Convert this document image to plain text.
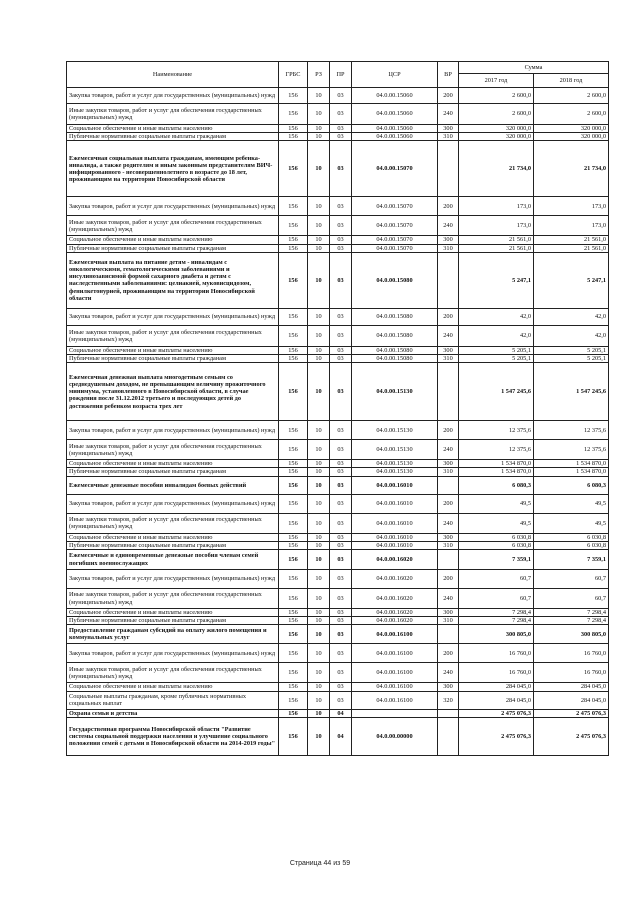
Наименование	ГРБС	РЗ	ПР	ЦСР	ВР	Сумма	
						2017 год	2018 год
Закупка товаров, работ и услуг для государственных (муниципальных) нужд	156	10	03	04.0.00.15060	200	2 600,0	2 600,0
Иные закупки товаров, работ и услуг для обеспечения государственных (муниципальных) нужд	156	10	03	04.0.00.15060	240	2 600,0	2 600,0
Социальное обеспечение и иные выплаты населению	156	10	03	04.0.00.15060	300	320 000,0	320 000,0
Публичные нормативные социальные выплаты гражданам	156	10	03	04.0.00.15060	310	320 000,0	320 000,0
Ежемесячная социальная выплата гражданам, имеющим ребенка-инвалида, а также родителям и иным законным представителям ВИЧ-инфицированного - несовершеннолетнего в возрасте до 18 лет, проживающим на территории Новосибирской области	156	10	03	04.0.00.15070		21 734,0	21 734,0
Закупка товаров, работ и услуг для государственных (муниципальных) нужд	156	10	03	04.0.00.15070	200	173,0	173,0
Иные закупки товаров, работ и услуг для обеспечения государственных (муниципальных) нужд	156	10	03	04.0.00.15070	240	173,0	173,0
Социальное обеспечение и иные выплаты населению	156	10	03	04.0.00.15070	300	21 561,0	21 561,0
Публичные нормативные социальные выплаты гражданам	156	10	03	04.0.00.15070	310	21 561,0	21 561,0
Ежемесячная выплата на питание детям - инвалидам с онкологическими, гематологическими заболеваниями и инсулинозависимой формой сахарного диабета и детям с наследственными заболеваниями: целиакией, муковисцидозом, фенилкетонурией, проживающим на территории Новосибирской области	156	10	03	04.0.00.15080		5 247,1	5 247,1
Закупка товаров, работ и услуг для государственных (муниципальных) нужд	156	10	03	04.0.00.15080	200	42,0	42,0
Иные закупки товаров, работ и услуг для обеспечения государственных (муниципальных) нужд	156	10	03	04.0.00.15080	240	42,0	42,0
Социальное обеспечение и иные выплаты населению	156	10	03	04.0.00.15080	300	5 205,1	5 205,1
Публичные нормативные социальные выплаты гражданам	156	10	03	04.0.00.15080	310	5 205,1	5 205,1
Ежемесячная денежная выплата многодетным семьям со среднедушевым доходом, не превышающим величину прожиточного минимума, установленного в Новосибирской области, в случае рождения после 31.12.2012 третьего и последующих детей до достижения ребенком возраста трех лет	156	10	03	04.0.00.15130		1 547 245,6	1 547 245,6
Закупка товаров, работ и услуг для государственных (муниципальных) нужд	156	10	03	04.0.00.15130	200	12 375,6	12 375,6
Иные закупки товаров, работ и услуг для обеспечения государственных (муниципальных) нужд	156	10	03	04.0.00.15130	240	12 375,6	12 375,6
Социальное обеспечение и иные выплаты населению	156	10	03	04.0.00.15130	300	1 534 870,0	1 534 870,0
Публичные нормативные социальные выплаты гражданам	156	10	03	04.0.00.15130	310	1 534 870,0	1 534 870,0
Ежемесячные денежные пособия инвалидам боевых действий	156	10	03	04.0.00.16010		6 080,3	6 080,3
Закупка товаров, работ и услуг для государственных (муниципальных) нужд	156	10	03	04.0.00.16010	200	49,5	49,5
Иные закупки товаров, работ и услуг для обеспечения государственных (муниципальных) нужд	156	10	03	04.0.00.16010	240	49,5	49,5
Социальное обеспечение и иные выплаты населению	156	10	03	04.0.00.16010	300	6 030,8	6 030,8
Публичные нормативные социальные выплаты гражданам	156	10	03	04.0.00.16010	310	6 030,8	6 030,8
Ежемесячные и единовременные денежные пособия членам семей погибших военнослужащих	156	10	03	04.0.00.16020		7 359,1	7 359,1
Закупка товаров, работ и услуг для государственных (муниципальных) нужд	156	10	03	04.0.00.16020	200	60,7	60,7
Иные закупки товаров, работ и услуг для обеспечения государственных (муниципальных) нужд	156	10	03	04.0.00.16020	240	60,7	60,7
Социальное обеспечение и иные выплаты населению	156	10	03	04.0.00.16020	300	7 298,4	7 298,4
Публичные нормативные социальные выплаты гражданам	156	10	03	04.0.00.16020	310	7 298,4	7 298,4
Предоставление гражданам субсидий на оплату жилого помещения и коммунальных услуг	156	10	03	04.0.00.16100		300 805,0	300 805,0
Закупка товаров, работ и услуг для государственных (муниципальных) нужд	156	10	03	04.0.00.16100	200	16 760,0	16 760,0
Иные закупки товаров, работ и услуг для обеспечения государственных (муниципальных) нужд	156	10	03	04.0.00.16100	240	16 760,0	16 760,0
Социальное обеспечение и иные выплаты населению	156	10	03	04.0.00.16100	300	284 045,0	284 045,0
Социальные выплаты гражданам, кроме публичных нормативных социальных выплат	156	10	03	04.0.00.16100	320	284 045,0	284 045,0
Охрана семьи и детства	156	10	04			2 475 076,3	2 475 076,3
Государственная программа Новосибирской области "Развитие системы социальной поддержки населения и улучшение социального положения семей с детьми в Новосибирской области на 2014-2019 годы"	156	10	04	04.0.00.00000		2 475 076,3	2 475 076,3
Страница 44 из 59
